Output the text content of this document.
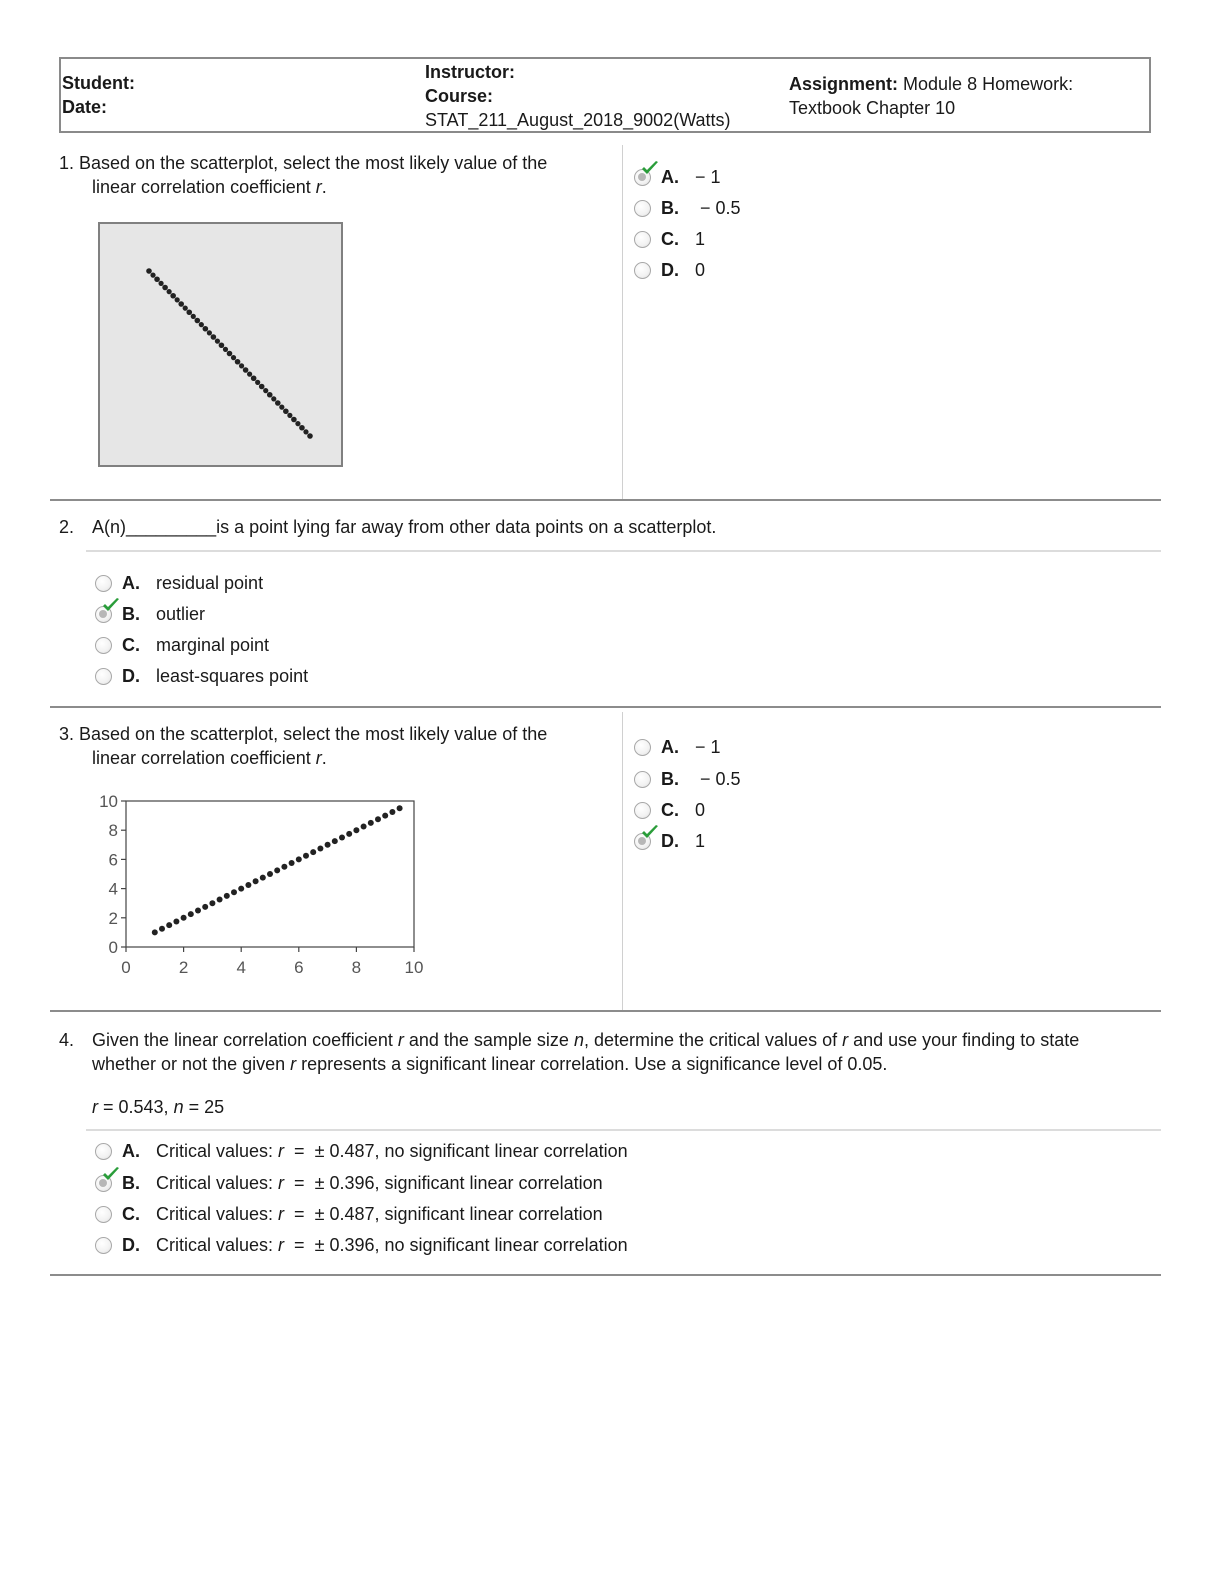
Student:
Date:
Instructor:
Course:
STAT_211_August_2018_9002(Watts)
Assignment: Module 8 Homework:
Textbook Chapter 10
1. Based on the scatterplot, select the most likely value of the
linear correlation coefficient r.
A. − 1
B. − 0.5
C. 1
D. 0
2. A(n)_________is a point lying far away from other data points on a scatterplot.
A. residual point
B. outlier
C. marginal point
D. least-squares point
3. Based on the scatterplot, select the most likely value of the
linear correlation coefficient r.
0
2
4
6
8
10
0	2	4	6	8	10
A. − 1
B. − 0.5
C. 0
D. 1
4. Given the linear correlation coefficient r and the sample size n, determine the critical values of r and use your finding to state
whether or not the given r represents a significant linear correlation. Use a significance level of 0.05.
r = 0.543, n = 25
A. Critical values: r  =  ± 0.487, no significant linear correlation
B. Critical values: r  =  ± 0.396, significant linear correlation
C. Critical values: r  =  ± 0.487, significant linear correlation
D. Critical values: r  =  ± 0.396, no significant linear correlation
